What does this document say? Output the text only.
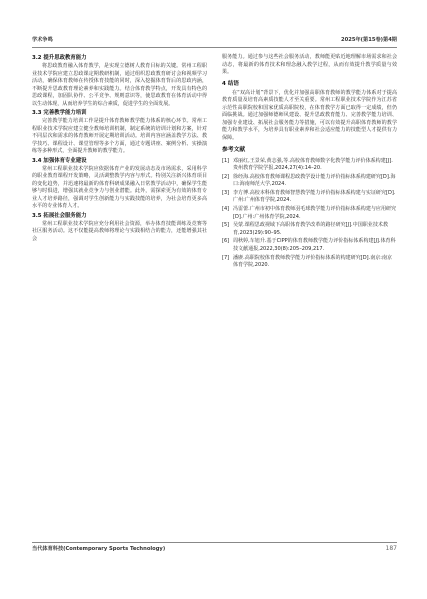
学术争鸣	2025年(第15卷)第4期
3.2 提升思政教育能力
将思政教育融入体育教学，是实现立德树人教育目标的关键。常州工程职业技术学院应建立思政课定期教研机制，通过组织思政教育研讨会和视频学习活动，确保体育教师在传授体育技能的同时，深入挖掘体育背后的思政内涵，不断提升思政教育理论素养和实践能力。结合体育教学特点，开发具有特色的思政课程，加固队协作、公平竞争、规则意识等，使思政教育在体育活动中得以生动体现，从而培养学生的综合素质，促进学生的全面发展。
3.3 完善教学能力培训
完善教学能力培训工作是提升体育教师教学能力体系的核心环节。常州工程职业技术学院应建立健全教师培训机制，制定系统的培训计划和方案，针对不同层次和需求的体育教师开展定期培训活动。培训内容应涵盖教学方法、教学技巧、课程设计、课堂管理等多个方面，通过专题讲座、案例分析、实操演练等多种形式，全面提升教师的教学能力。
3.4 加强体育专业建设
常州工程职业技术学院应依据体育产业的发展动态及市场需求，采用科学的职业教育课程开发策略，灵活调整教学内容与形式。特别关注新兴体育项目的变化趋势，并迅速将最新的体育科研成果融入日常教学活动中，确保学生能够与时俱进，增强其就业竞争力与创业潜能。此外，需探索更为有效的体育专业人才培养路径，强调对学生创新能力与实践技能的培养，为社会培育更多高水平的专业体育人才。
3.5 拓展社会服务能力
常州工程职业技术学院应充分利用社会资源，举办体育技能训练及竞赛等社区服务活动。这不仅能提高教师将理论与实践相结合的能力，还能增强其社会
服务能力。通过参与这些社会服务活动，教师能更贴近地理解市场需求和社会动态，将最新的体育技术和理念融入教学过程，从而有效提升教学质量与效果。
4 结语
在“双高计划”背景下，优化并加强高职体育教师的教学能力体系对于提高教育质量及培育高素质技能人才至关重要。常州工程职业技术学院作为江苏省示范性高职院校和国家优质高职院校，在体育教学方面已取得一定成绩，但仍面临挑战。通过加强师德师风建设、提升思政教育能力、完善教学能力培训、加强专业建设、拓展社会服务能力等措施，可以有效提升高职体育教师的教学能力和教学水平，为培养具有职业素养和社会适应能力的技能型人才提供有力保障。
参考文献
[1] 邓丽红,王景荣,黄志强,等.高校体育教师数字化教学能力评价体系构建[J].贵州教育学院学报,2024,27(4):14–20.
[2] 徐经海.高校体育教师课程思政教学设计能力评价指标体系构建研究[D].海口:海南师范大学,2024.
[3] 李方博.高校本科体育教师智慧教学能力评价指标体系构建与实证研究[D].广州:广州体育学院,2024.
[4] 冯雷蕾.广州市初中体育教师羽毛球教学能力评价指标体系构建与应用研究[D].广州:广州体育学院,2024.
[5] 吴蒙.课程思政视域下高职体育教学改革的路径研究[J].中国职业技术教育,2023(29):90–95.
[6] 周秋婷,车旭升.基于CIPP的体育教师教学能力评价指标体系构建[J].体育科技文献通报,2022,30(8):205–209,217.
[7] 潘赓.高职院校体育教师教学能力评价指标体系的构建研究[D].南京:南京体育学院,2020.
当代体育科技(Contemporary Sports Technology)	187
